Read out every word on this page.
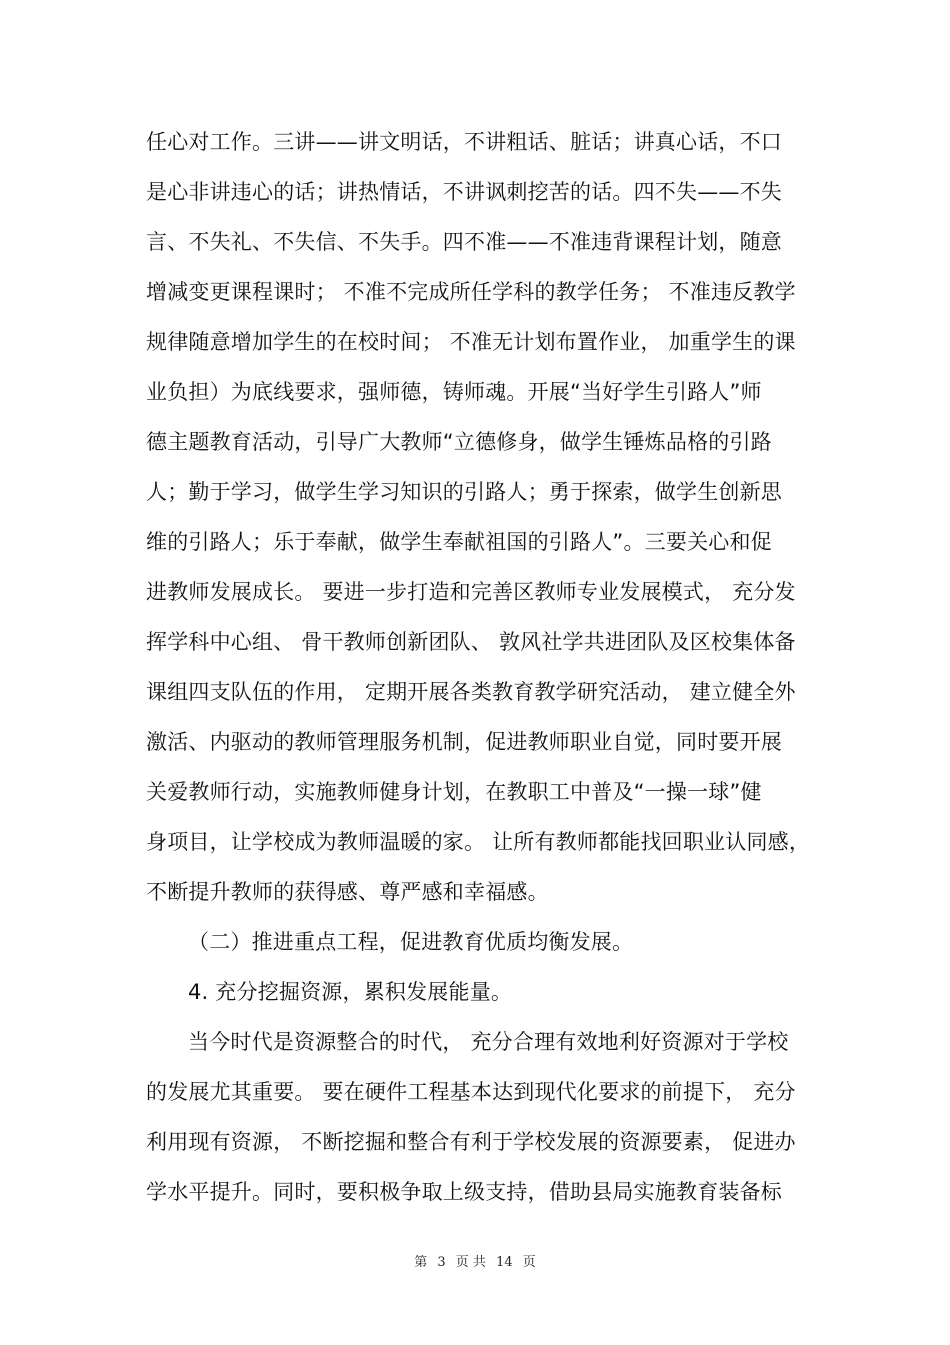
任心对工作。三讲——讲文明话，不讲粗话、脏话；讲真心话，不口
是心非讲违心的话；讲热情话，不讲讽刺挖苦的话。四不失——不失
言、不失礼、不失信、不失手。四不准——不准违背课程计划，随意
增减变更课程课时； 不准不完成所任学科的教学任务； 不准违反教学
规律随意增加学生的在校时间； 不准无计划布置作业， 加重学生的课
业负担）为底线要求，强师德，铸师魂。开展“当好学生引路人”师
德主题教育活动，引导广大教师“立德修身，做学生锤炼品格的引路
人；勤于学习，做学生学习知识的引路人；勇于探索，做学生创新思
维的引路人；乐于奉献，做学生奉献祖国的引路人”。三要关心和促
进教师发展成长。 要进一步打造和完善区教师专业发展模式， 充分发
挥学科中心组、 骨干教师创新团队、 敦风社学共进团队及区校集体备
课组四支队伍的作用， 定期开展各类教育教学研究活动， 建立健全外
激活、内驱动的教师管理服务机制，促进教师职业自觉，同时要开展
关爱教师行动，实施教师健身计划，在教职工中普及“一操一球”健
身项目，让学校成为教师温暖的家。 让所有教师都能找回职业认同感，
不断提升教师的获得感、尊严感和幸福感。
（二）推进重点工程，促进教育优质均衡发展。
4. 充分挖掘资源，累积发展能量。
当今时代是资源整合的时代， 充分合理有效地利好资源对于学校
的发展尤其重要。 要在硬件工程基本达到现代化要求的前提下， 充分
利用现有资源， 不断挖掘和整合有利于学校发展的资源要素， 促进办
学水平提升。同时，要积极争取上级支持，借助县局实施教育装备标
第 3 页 共 14 页
